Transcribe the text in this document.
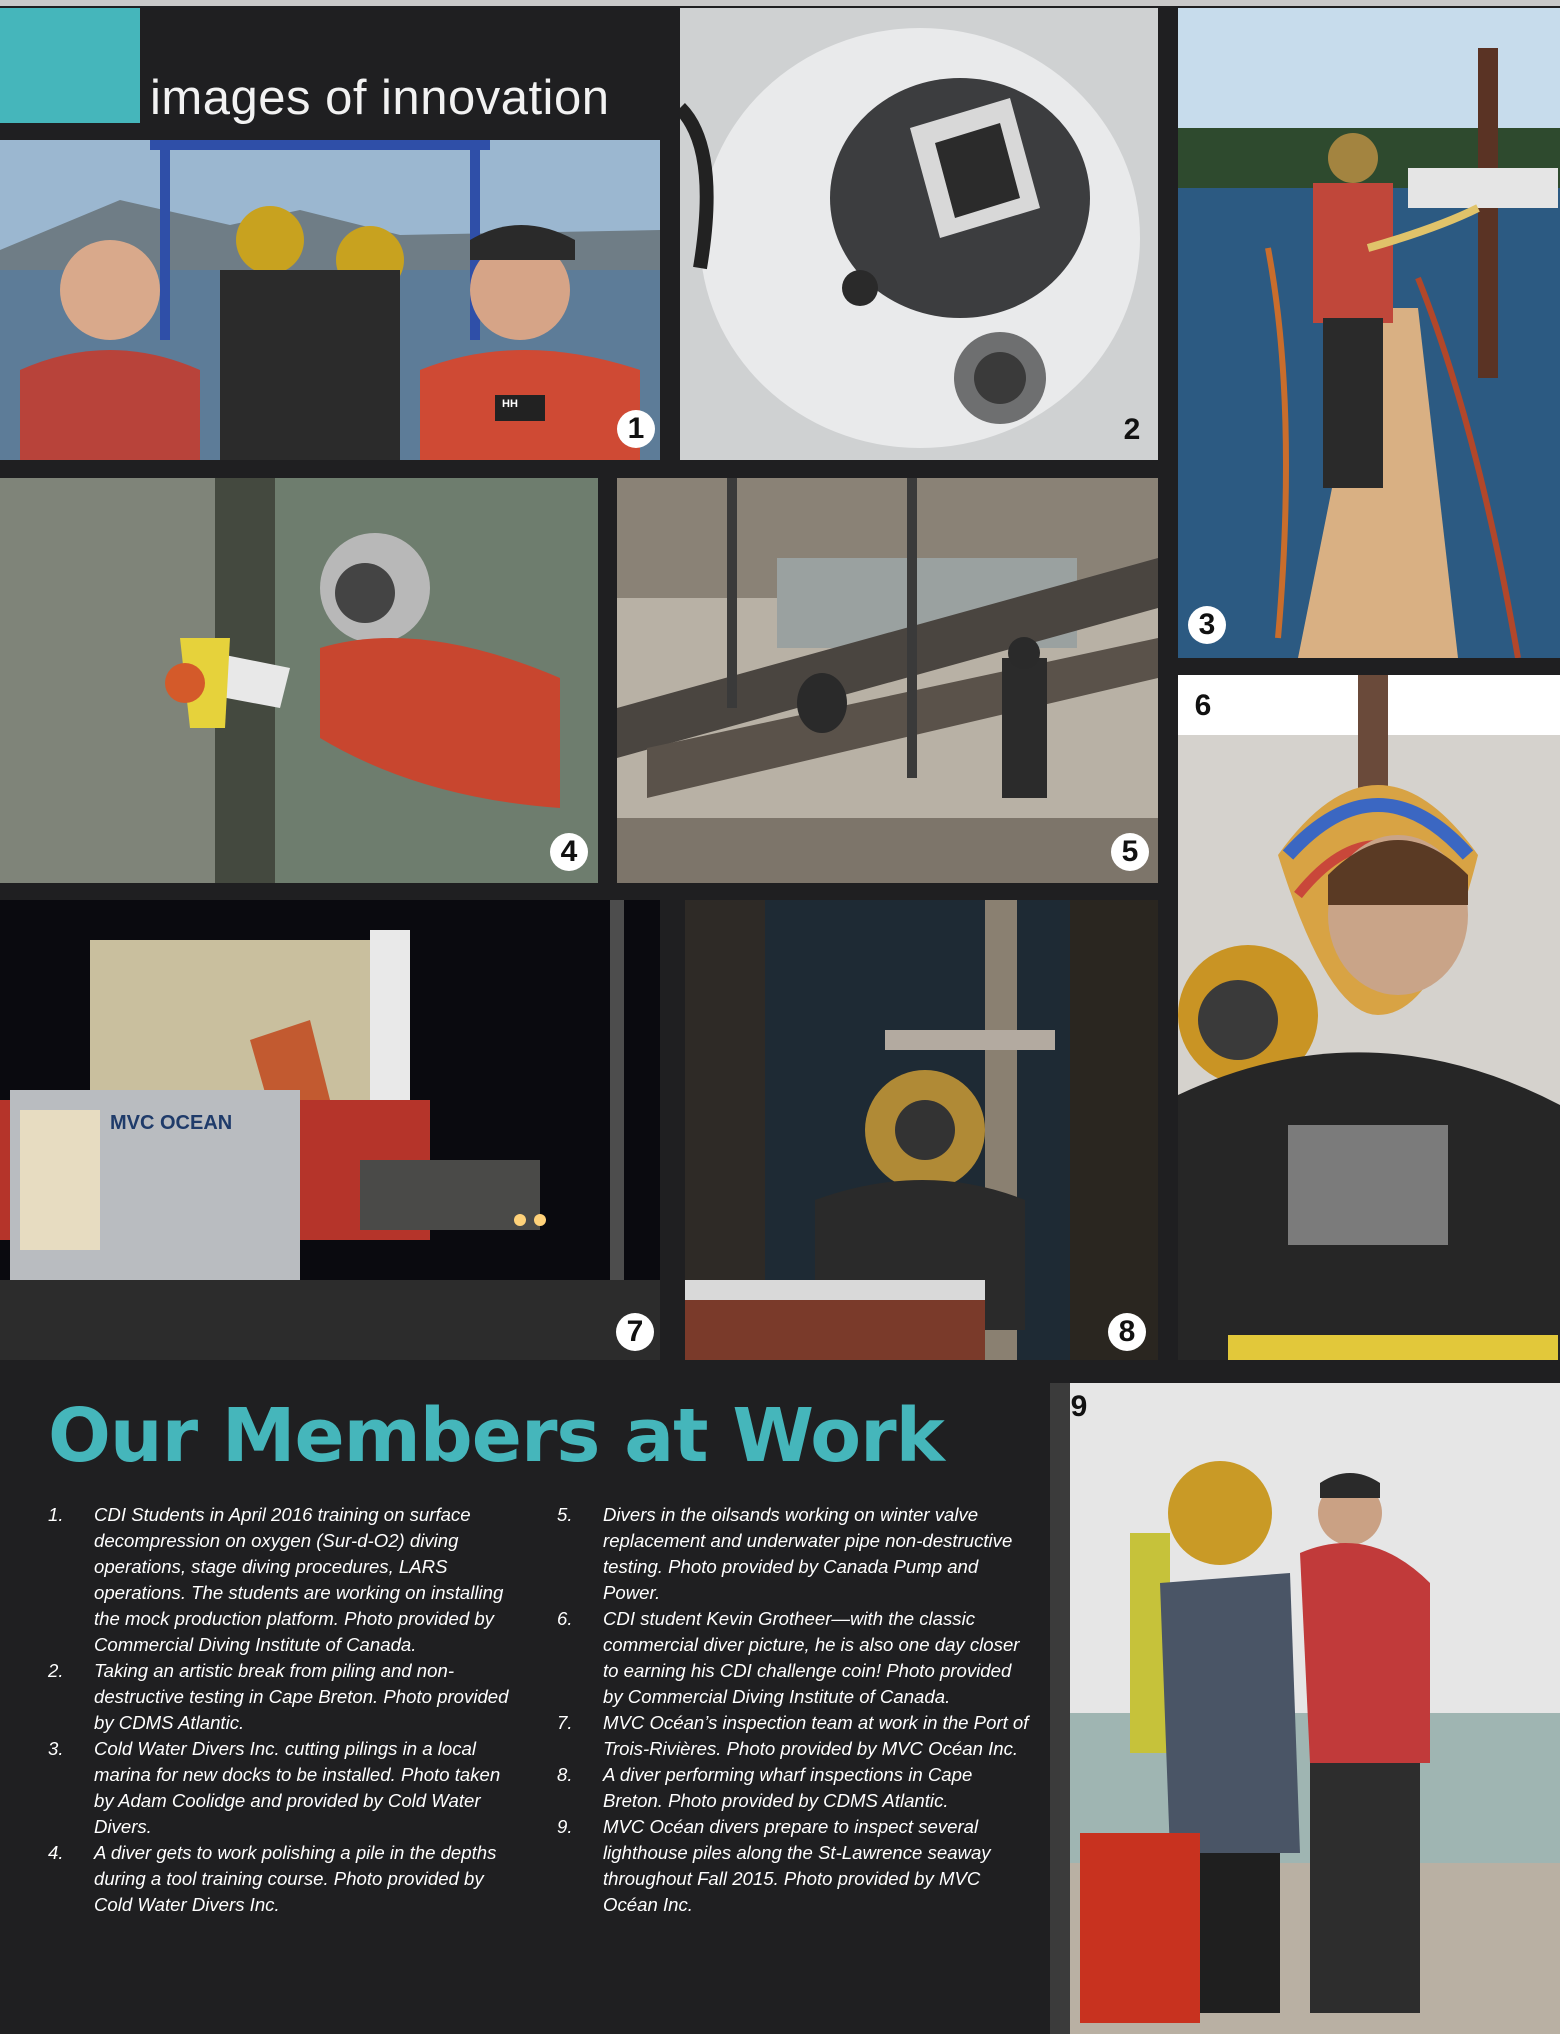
images of innovation
HH
1	2
3
4	5
6
MVC OCEAN
7	8
9
Our Members at Work
1. CDI Students in April 2016 training on surface decompression on oxygen (Sur-d-O2) diving operations, stage diving procedures, LARS operations. The students are working on installing the mock production platform. Photo provided by Commercial Diving Institute of Canada.
2. Taking an artistic break from piling and non-destructive testing in Cape Breton. Photo provided by CDMS Atlantic.
3. Cold Water Divers Inc. cutting pilings in a local marina for new docks to be installed. Photo taken by Adam Coolidge and provided by Cold Water Divers.
4. A diver gets to work polishing a pile in the depths during a tool training course. Photo provided by Cold Water Divers Inc.
5. Divers in the oilsands working on winter valve replacement and underwater pipe non-destructive testing. Photo provided by Canada Pump and Power.
6. CDI student Kevin Grotheer—with the classic commercial diver picture, he is also one day closer to earning his CDI challenge coin! Photo provided by Commercial Diving Institute of Canada.
7. MVC Océan’s inspection team at work in the Port of Trois-Rivières. Photo provided by MVC Océan Inc.
8. A diver performing wharf inspections in Cape Breton. Photo provided by CDMS Atlantic.
9. MVC Océan divers prepare to inspect several lighthouse piles along the St-Lawrence seaway throughout Fall 2015. Photo provided by MVC Océan Inc.
